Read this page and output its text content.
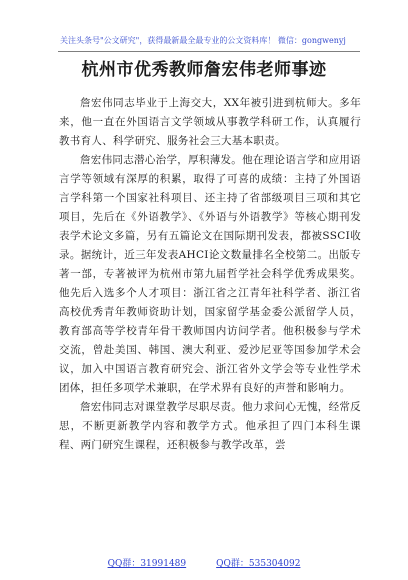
关注头条号"公文研究"，获得最新最全最专业的公文资料库！ 微信：gongwenyj
杭州市优秀教师詹宏伟老师事迹

詹宏伟同志毕业于上海交大，XX年被引进到杭师大。多年来，他一直在外国语言文学领域从事教学科研工作，认真履行教书育人、科学研究、服务社会三大基本职责。

詹宏伟同志潜心治学，厚积薄发。他在理论语言学和应用语言学等领域有深厚的积累，取得了可喜的成绩：主持了外国语言学科第一个国家社科项目、还主持了省部级项目三项和其它项目，先后在《外语教学》、《外语与外语教学》等核心期刊发表学术论文多篇，另有五篇论文在国际期刊发表，都被SSCI收录。据统计，近三年发表AHCI论文数量排名全校第二。出版专著一部，专著被评为杭州市第九届哲学社会科学优秀成果奖。他先后入选多个人才项目：浙江省之江青年社科学者、浙江省高校优秀青年教师资助计划，国家留学基金委公派留学人员，教育部高等学校青年骨干教师国内访问学者。他积极参与学术交流，曾赴美国、韩国、澳大利亚、爱沙尼亚等国参加学术会议，加入中国语言教育研究会、浙江省外文学会等专业性学术团体，担任多项学术兼职，在学术界有良好的声誉和影响力。

詹宏伟同志对课堂教学尽职尽责。他力求问心无愧，经常反思，不断更新教学内容和教学方式。他承担了四门本科生课程、两门研究生课程，还积极参与教学改革，尝

QQ群：31991489	QQ群：535304092
